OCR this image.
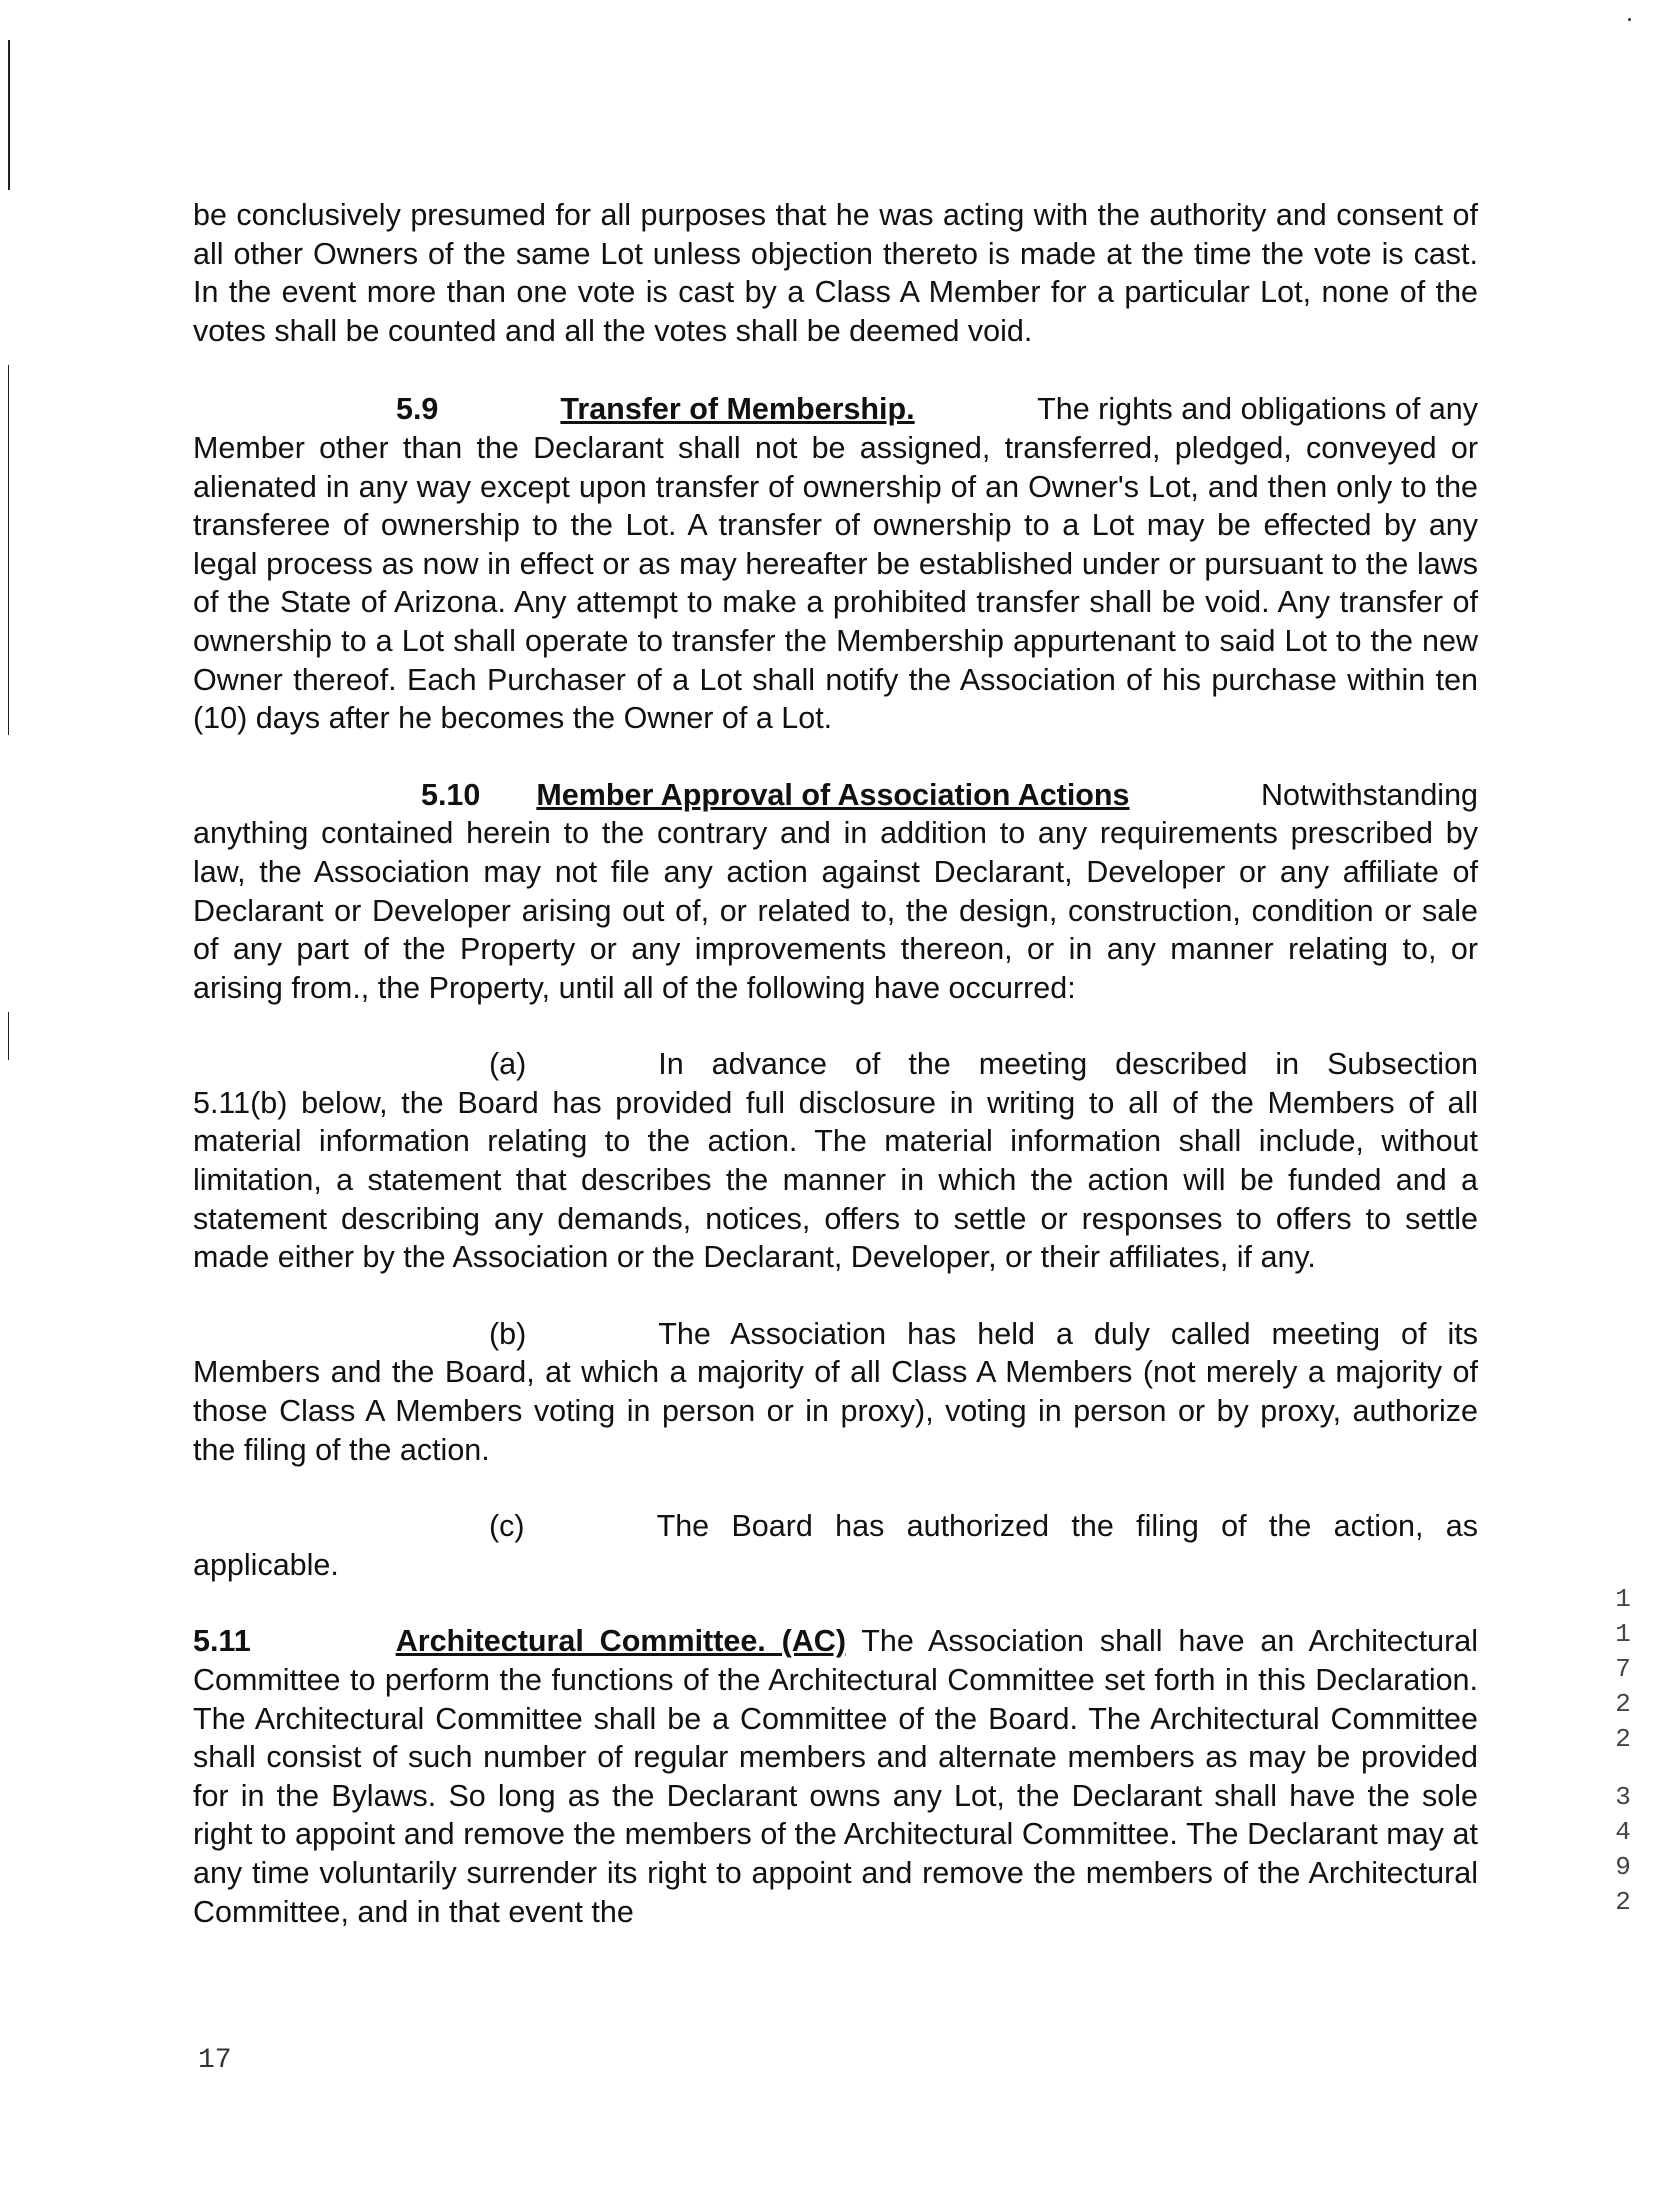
be conclusively presumed for all purposes that he was acting with the authority and consent of all other Owners of the same Lot unless objection thereto is made at the time the vote is cast. In the event more than one vote is cast by a Class A Member for a particular Lot, none of the votes shall be counted and all the votes shall be deemed void.

5.9	Transfer of Membership.	The rights and obligations of any

Member other than the Declarant shall not be assigned, transferred, pledged, conveyed or alienated in any way except upon transfer of ownership of an Owner's Lot, and then only to the transferee of ownership to the Lot. A transfer of ownership to a Lot may be effected by any legal process as now in effect or as may hereafter be established under or pursuant to the laws of the State of Arizona. Any attempt to make a prohibited transfer shall be void. Any transfer of ownership to a Lot shall operate to transfer the Membership appurtenant to said Lot to the new Owner thereof. Each Purchaser of a Lot shall notify the Association of his purchase within ten (10) days after he becomes the Owner of a Lot.

5.10 Member Approval of Association Actions	Notwithstanding

anything contained herein to the contrary and in addition to any requirements prescribed by law, the Association may not file any action against Declarant, Developer or any affiliate of Declarant or Developer arising out of, or related to, the design, construction, condition or sale of any part of the Property or any improvements thereon, or in any manner relating to, or arising from., the Property, until all of the following have occurred:

(a)	In advance of the meeting described in Subsection

5.11(b) below, the Board has provided full disclosure in writing to all of the Members of all material information relating to the action. The material information shall include, without limitation, a statement that describes the manner in which the action will be funded and a statement describing any demands, notices, offers to settle or responses to offers to settle made either by the Association or the Declarant, Developer, or their affiliates, if any.

(b)	The Association has held a duly called meeting of its

Members and the Board, at which a majority of all Class A Members (not merely a majority of those Class A Members voting in person or in proxy), voting in person or by proxy, authorize the filing of the action.

(c)	The Board has authorized the filing of the action, as

applicable.

5.11	Architectural Committee. (AC) The Association shall have an Architectural Committee to perform the functions of the Architectural Committee set forth in this Declaration. The Architectural Committee shall be a Committee of the Board. The Architectural Committee shall consist of such number of regular members and alternate members as may be provided for in the Bylaws. So long as the Declarant owns any Lot, the Declarant shall have the sole right to appoint and remove the members of the Architectural Committee. The Declarant may at any time voluntarily surrender its right to appoint and remove the members of the Architectural Committee, and in that event the

17
1
1
7
2
2
3
4
9
2
